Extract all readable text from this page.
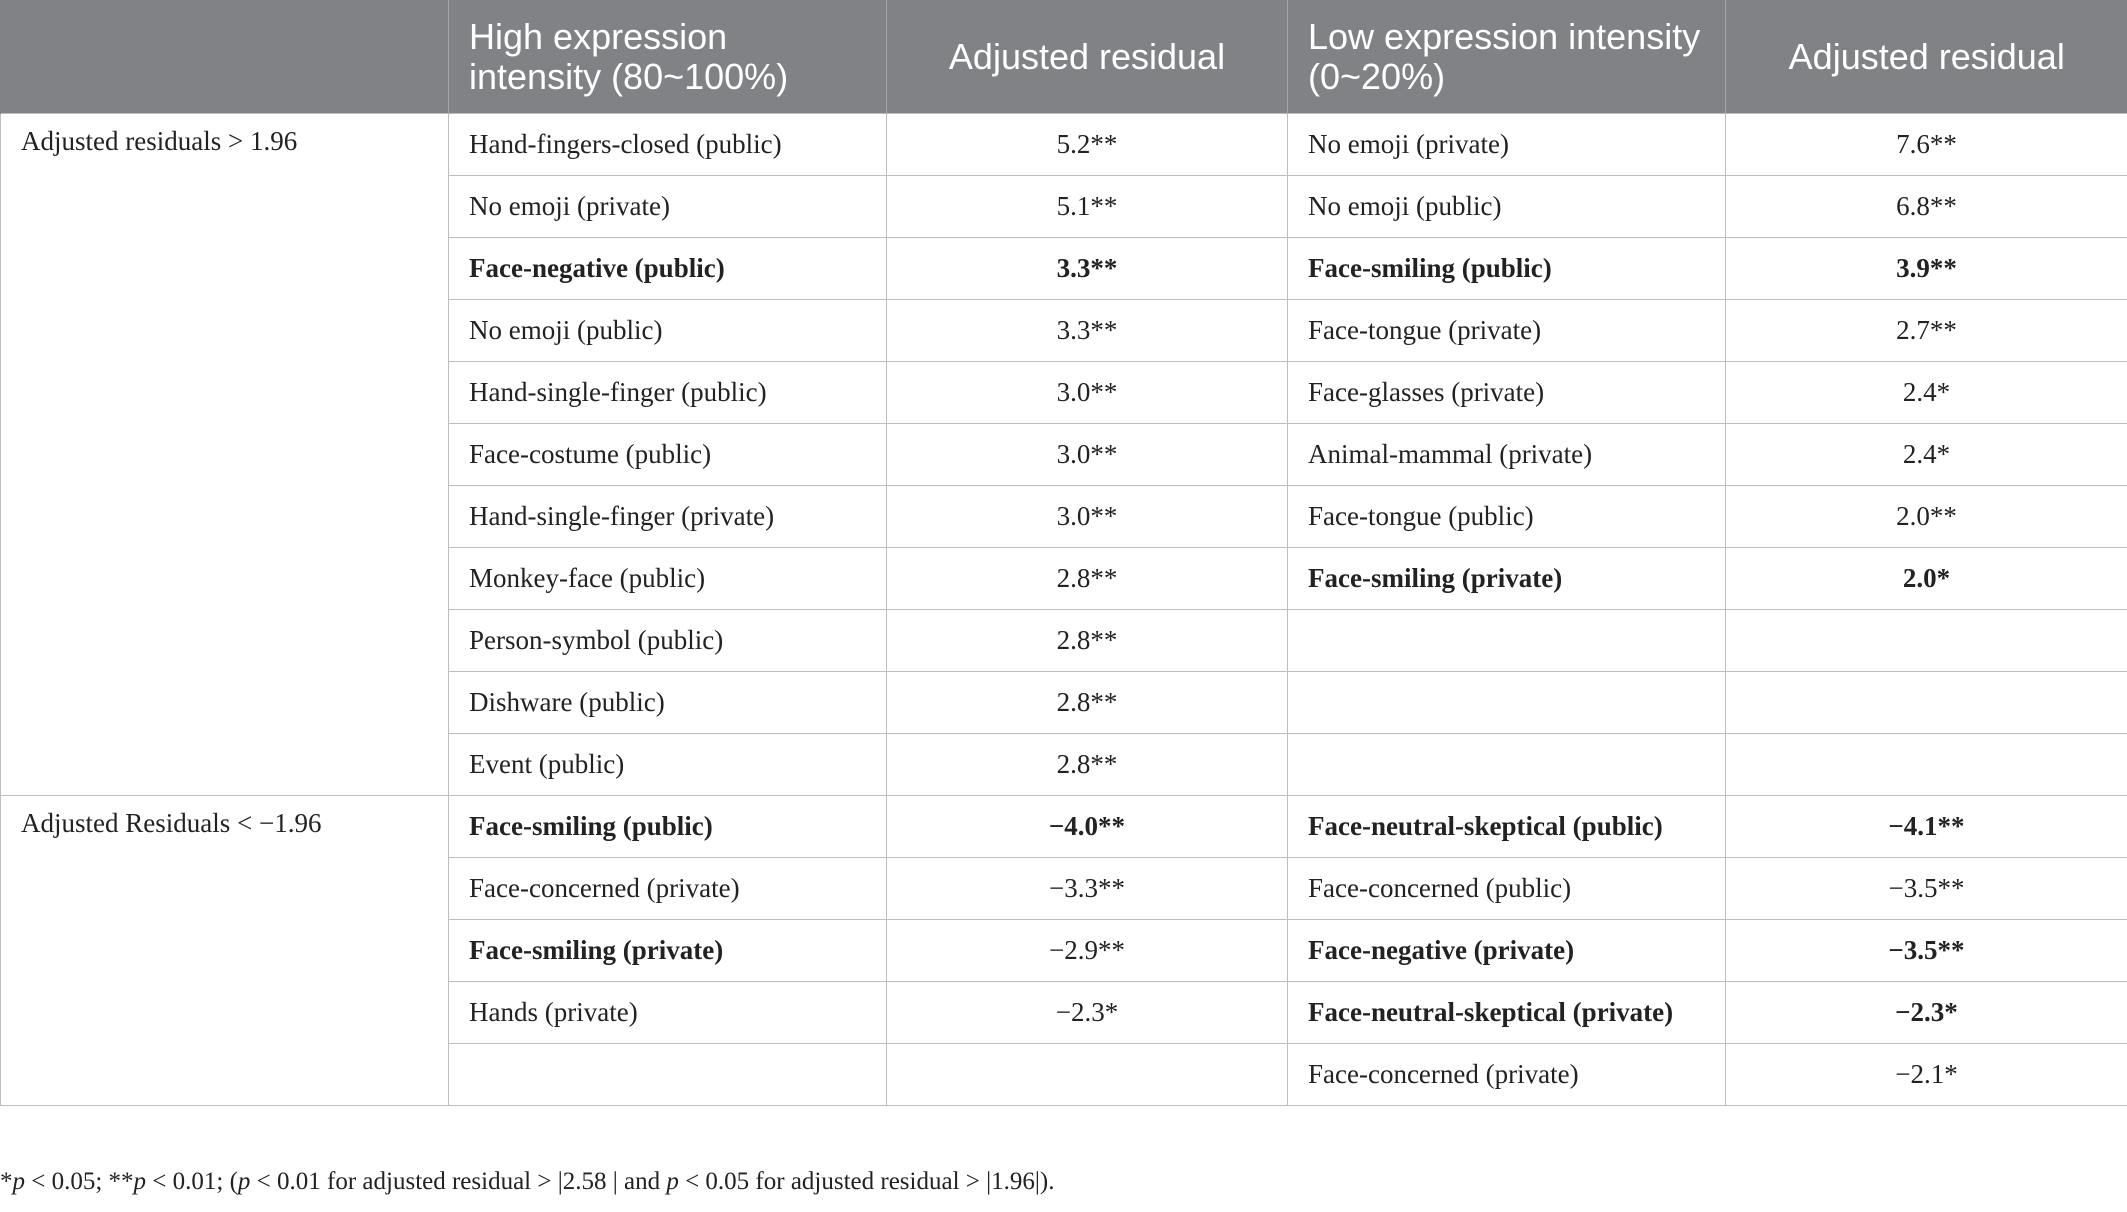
	High expression intensity (80~100%)	Adjusted residual	Low expression intensity (0~20%)	Adjusted residual
Adjusted residuals > 1.96	Hand-fingers-closed (public)	5.2**	No emoji (private)	7.6**
	No emoji (private)	5.1**	No emoji (public)	6.8**
	Face-negative (public)	3.3**	Face-smiling (public)	3.9**
	No emoji (public)	3.3**	Face-tongue (private)	2.7**
	Hand-single-finger (public)	3.0**	Face-glasses (private)	2.4*
	Face-costume (public)	3.0**	Animal-mammal (private)	2.4*
	Hand-single-finger (private)	3.0**	Face-tongue (public)	2.0**
	Monkey-face (public)	2.8**	Face-smiling (private)	2.0*
	Person-symbol (public)	2.8**		
	Dishware (public)	2.8**		
	Event (public)	2.8**		
Adjusted Residuals < −1.96	Face-smiling (public)	−4.0**	Face-neutral-skeptical (public)	−4.1**
	Face-concerned (private)	−3.3**	Face-concerned (public)	−3.5**
	Face-smiling (private)	−2.9**	Face-negative (private)	−3.5**
	Hands (private)	−2.3*	Face-neutral-skeptical (private)	−2.3*
			Face-concerned (private)	−2.1*
*p < 0.05; **p < 0.01; (p < 0.01 for adjusted residual > |2.58 | and p < 0.05 for adjusted residual > |1.96|).
